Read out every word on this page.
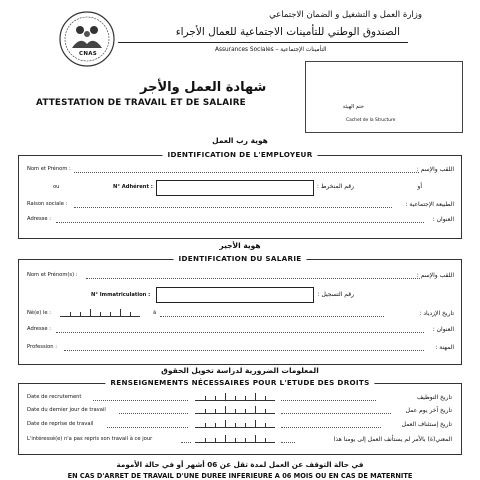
CNAS
وزارة العمل و التشغيل و الضمان الاجتماعي
الصندوق الوطني للتأمينات الاجتماعية للعمال الأجراء
Assurances Sociales – التأمينات الإجتماعية
ختم الهيئة
Cachet de la Structure
شهادة العمل والأجر
ATTESTATION DE TRAVAIL ET DE SALAIRE
هوية رب العمل
IDENTIFICATION DE L'EMPLOYEUR
Nom et Prénom :	اللقب والإسم :
ou	N° Adhérent :	رقم المنخرط :	أو
Raison sociale :	الطبيعة الإجتماعية :
Adresse :	العنوان :
هوية الأجير
IDENTIFICATION DU SALARIE
Nom et Prénom(s) :	اللقب والإسم :
N° Immatriculation :	رقم التسجيل :
Né(e) le :	à	تاريخ الإزدياد :
Adresse :	العنوان :
Profession :	المهنة :
المعلومات الضرورية لدراسة تخويل الحقوق
RENSEIGNEMENTS NÉCESSAIRES POUR L'ETUDE DES DROITS
Date de recrutement	تاريخ التوظيف
Date du dernier jour de travail	تاريخ آخر يوم عمل
Date de reprise de travail	تاريخ إستئناف العمل
L'intéressé(e) n'a pas repris son travail à ce jour	المعني(ة) بالأمر لم يستأنف العمل إلى يومنا هذا
في حالة التوقف عن العمل لمدة تقل عن 06 أشهر أو في حالة الأمومة
EN CAS D'ARRET DE TRAVAIL D'UNE DUREE INFERIEURE A 06 MOIS OU EN CAS DE MATERNITE
